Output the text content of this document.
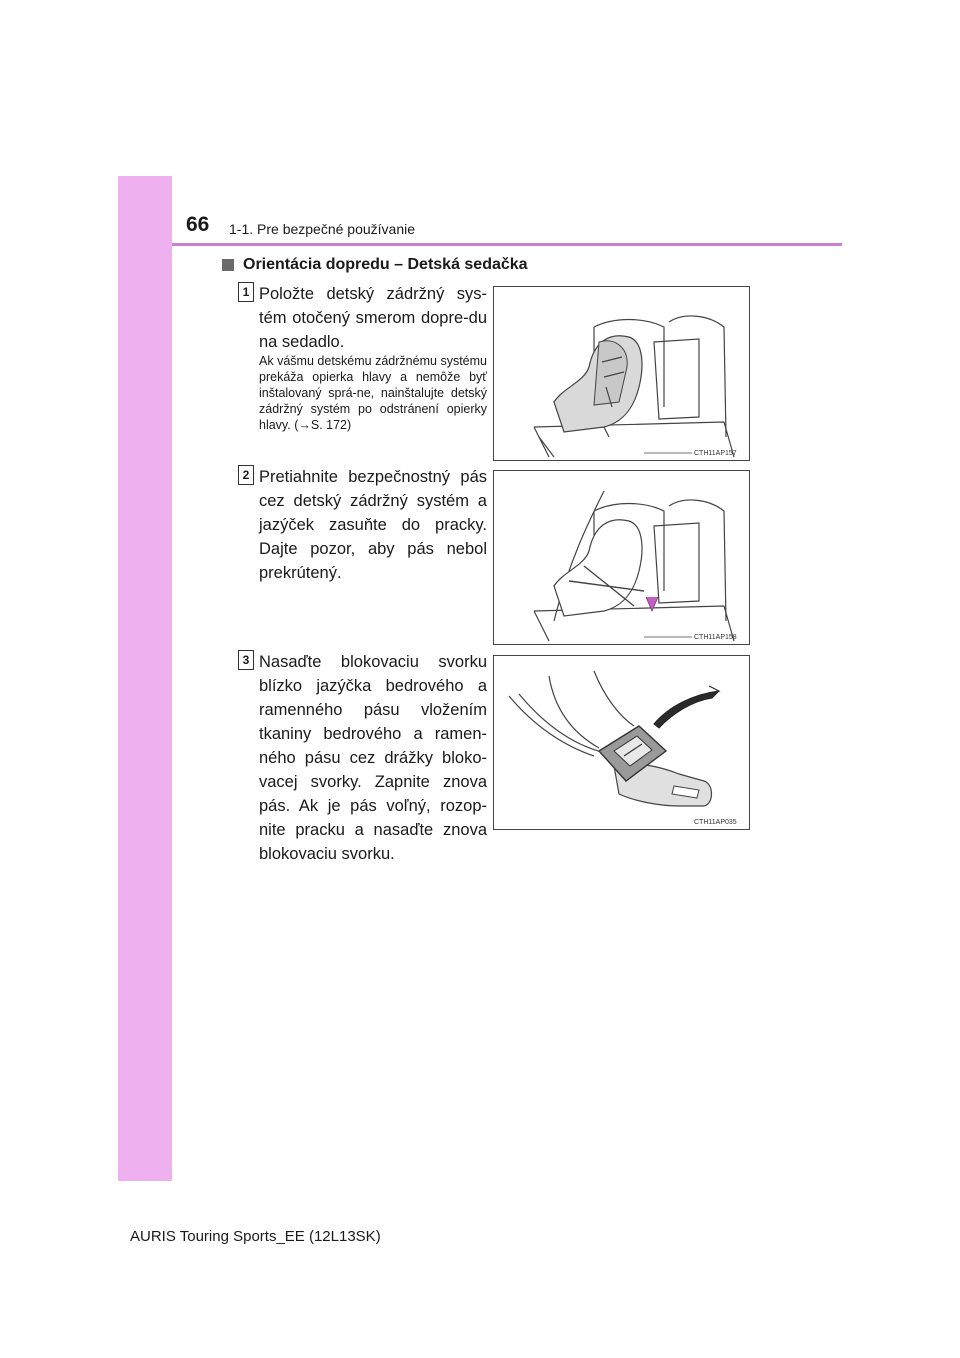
66 1-1. Pre bezpečné používanie
Orientácia dopredu – Detská sedačka
1 Položte detský zádržný sys-tém otočený smerom dopre-du na sedadlo.
Ak vášmu detskému zádržnému systému prekáža opierka hlavy a nemôže byť inštalovaný sprá-ne, nainštalujte detský zádržný systém po odstránení opierky hlavy. (→S. 172)
CTH11AP157
2 Pretiahnite bezpečnostný pás cez detský zádržný systém a jazýček zasuňte do pracky. Dajte pozor, aby pás nebol prekrútený.
CTH11AP158
3 Nasaďte blokovaciu svorku blízko jazýčka bedrového a ramenného pásu vložením tkaniny bedrového a ramen-ného pásu cez drážky bloko-vacej svorky. Zapnite znova pás. Ak je pás voľný, rozop-nite pracku a nasaďte znova blokovaciu svorku.
CTH11AP035
AURIS Touring Sports_EE (12L13SK)
